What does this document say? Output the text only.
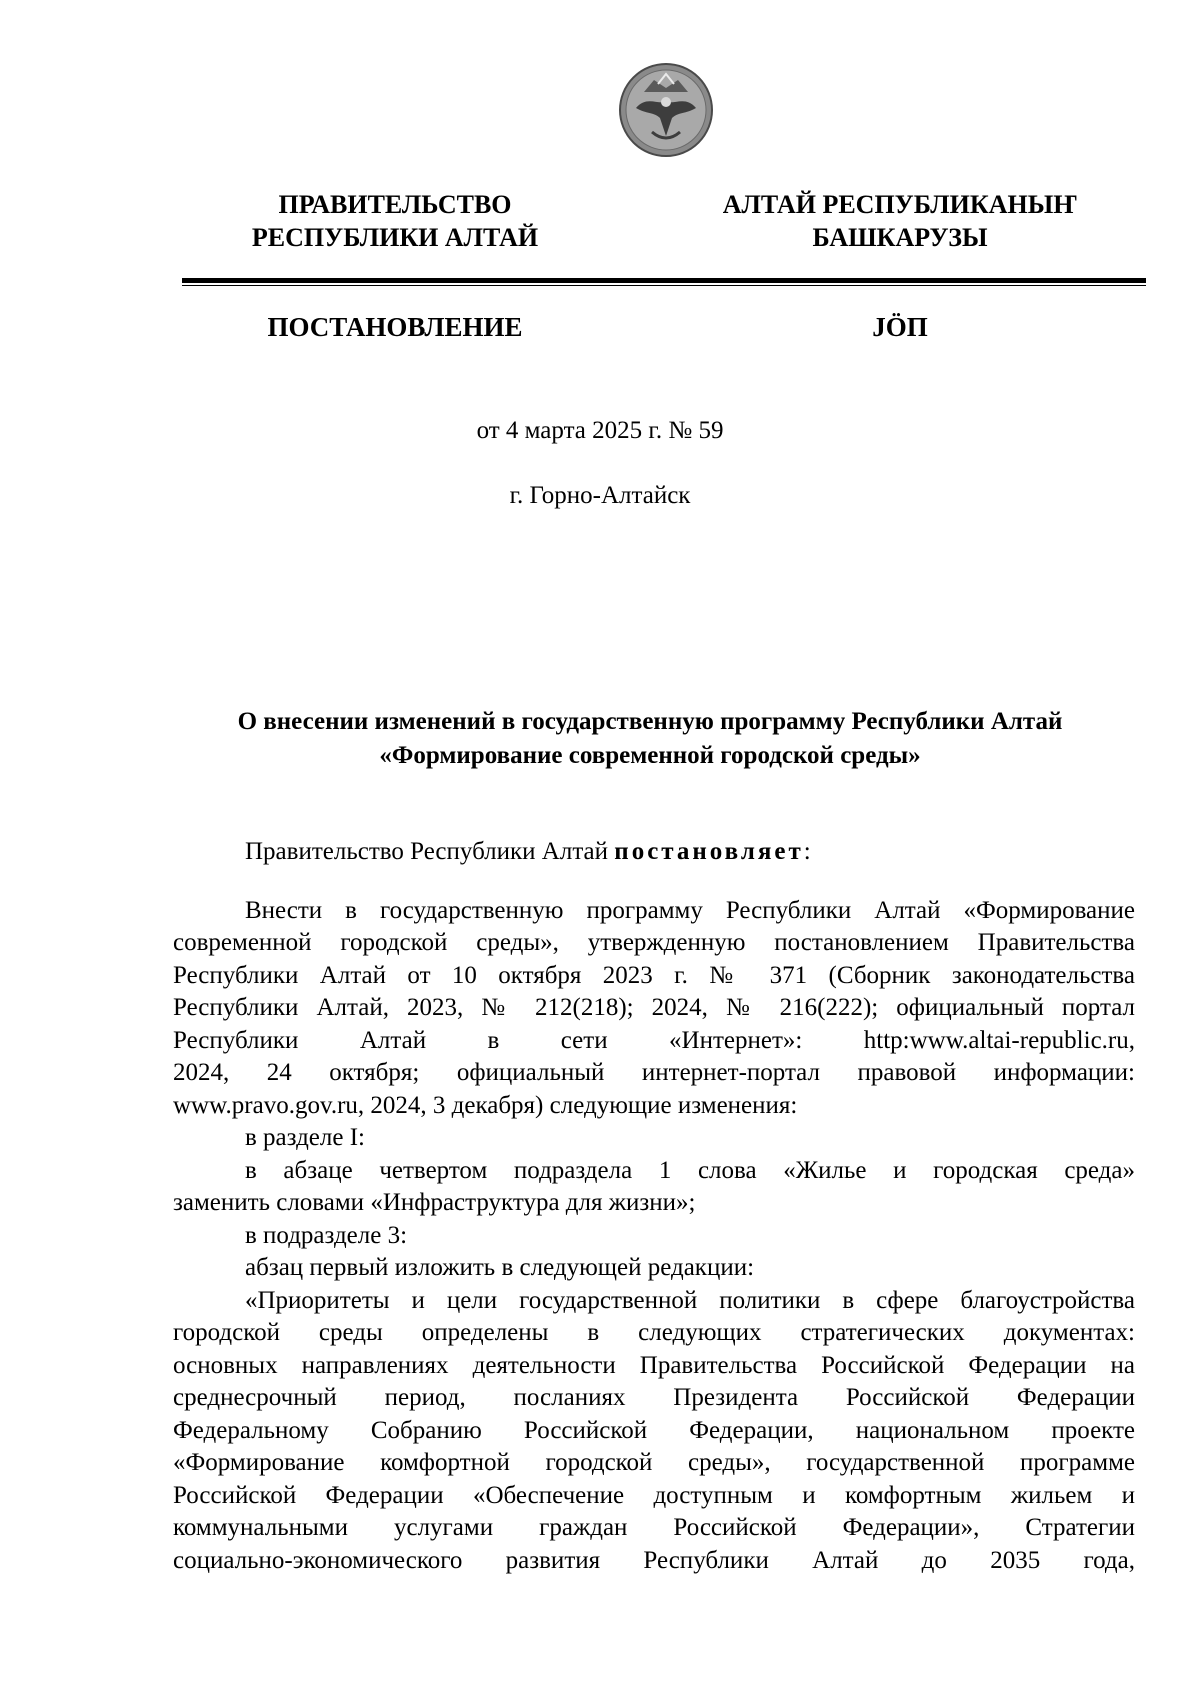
ПРАВИТЕЛЬСТВО
РЕСПУБЛИКИ АЛТАЙ
АЛТАЙ РЕСПУБЛИКАНЫҤ
БАШКАРУЗЫ
ПОСТАНОВЛЕНИЕ	JӦП
от 4 марта 2025 г. № 59
г. Горно-Алтайск
О внесении изменений в государственную программу Республики Алтай
«Формирование современной городской среды»

Правительство Республики Алтай постановляет:

Внести в государственную программу Республики Алтай «Формирование
современной городской среды», утвержденную постановлением Правительства
Республики Алтай от 10 октября 2023 г. № 371 (Сборник законодательства
Республики Алтай, 2023, № 212(218); 2024, № 216(222); официальный портал
Республики Алтай в сети «Интернет»: http:www.altai-republic.ru,
2024, 24 октября; официальный интернет-портал правовой информации:
www.pravo.gov.ru, 2024, 3 декабря) следующие изменения:

в разделе I:

в абзаце четвертом подраздела 1 слова «Жилье и городская среда»
заменить словами «Инфраструктура для жизни»;

в подразделе 3:

абзац первый изложить в следующей редакции:

«Приоритеты и цели государственной политики в сфере благоустройства
городской среды определены в следующих стратегических документах:
основных направлениях деятельности Правительства Российской Федерации на
среднесрочный период, посланиях Президента Российской Федерации
Федеральному Собранию Российской Федерации, национальном проекте
«Формирование комфортной городской среды», государственной программе
Российской Федерации «Обеспечение доступным и комфортным жильем и
коммунальными услугами граждан Российской Федерации», Стратегии
социально-экономического развития Республики Алтай до 2035 года,
